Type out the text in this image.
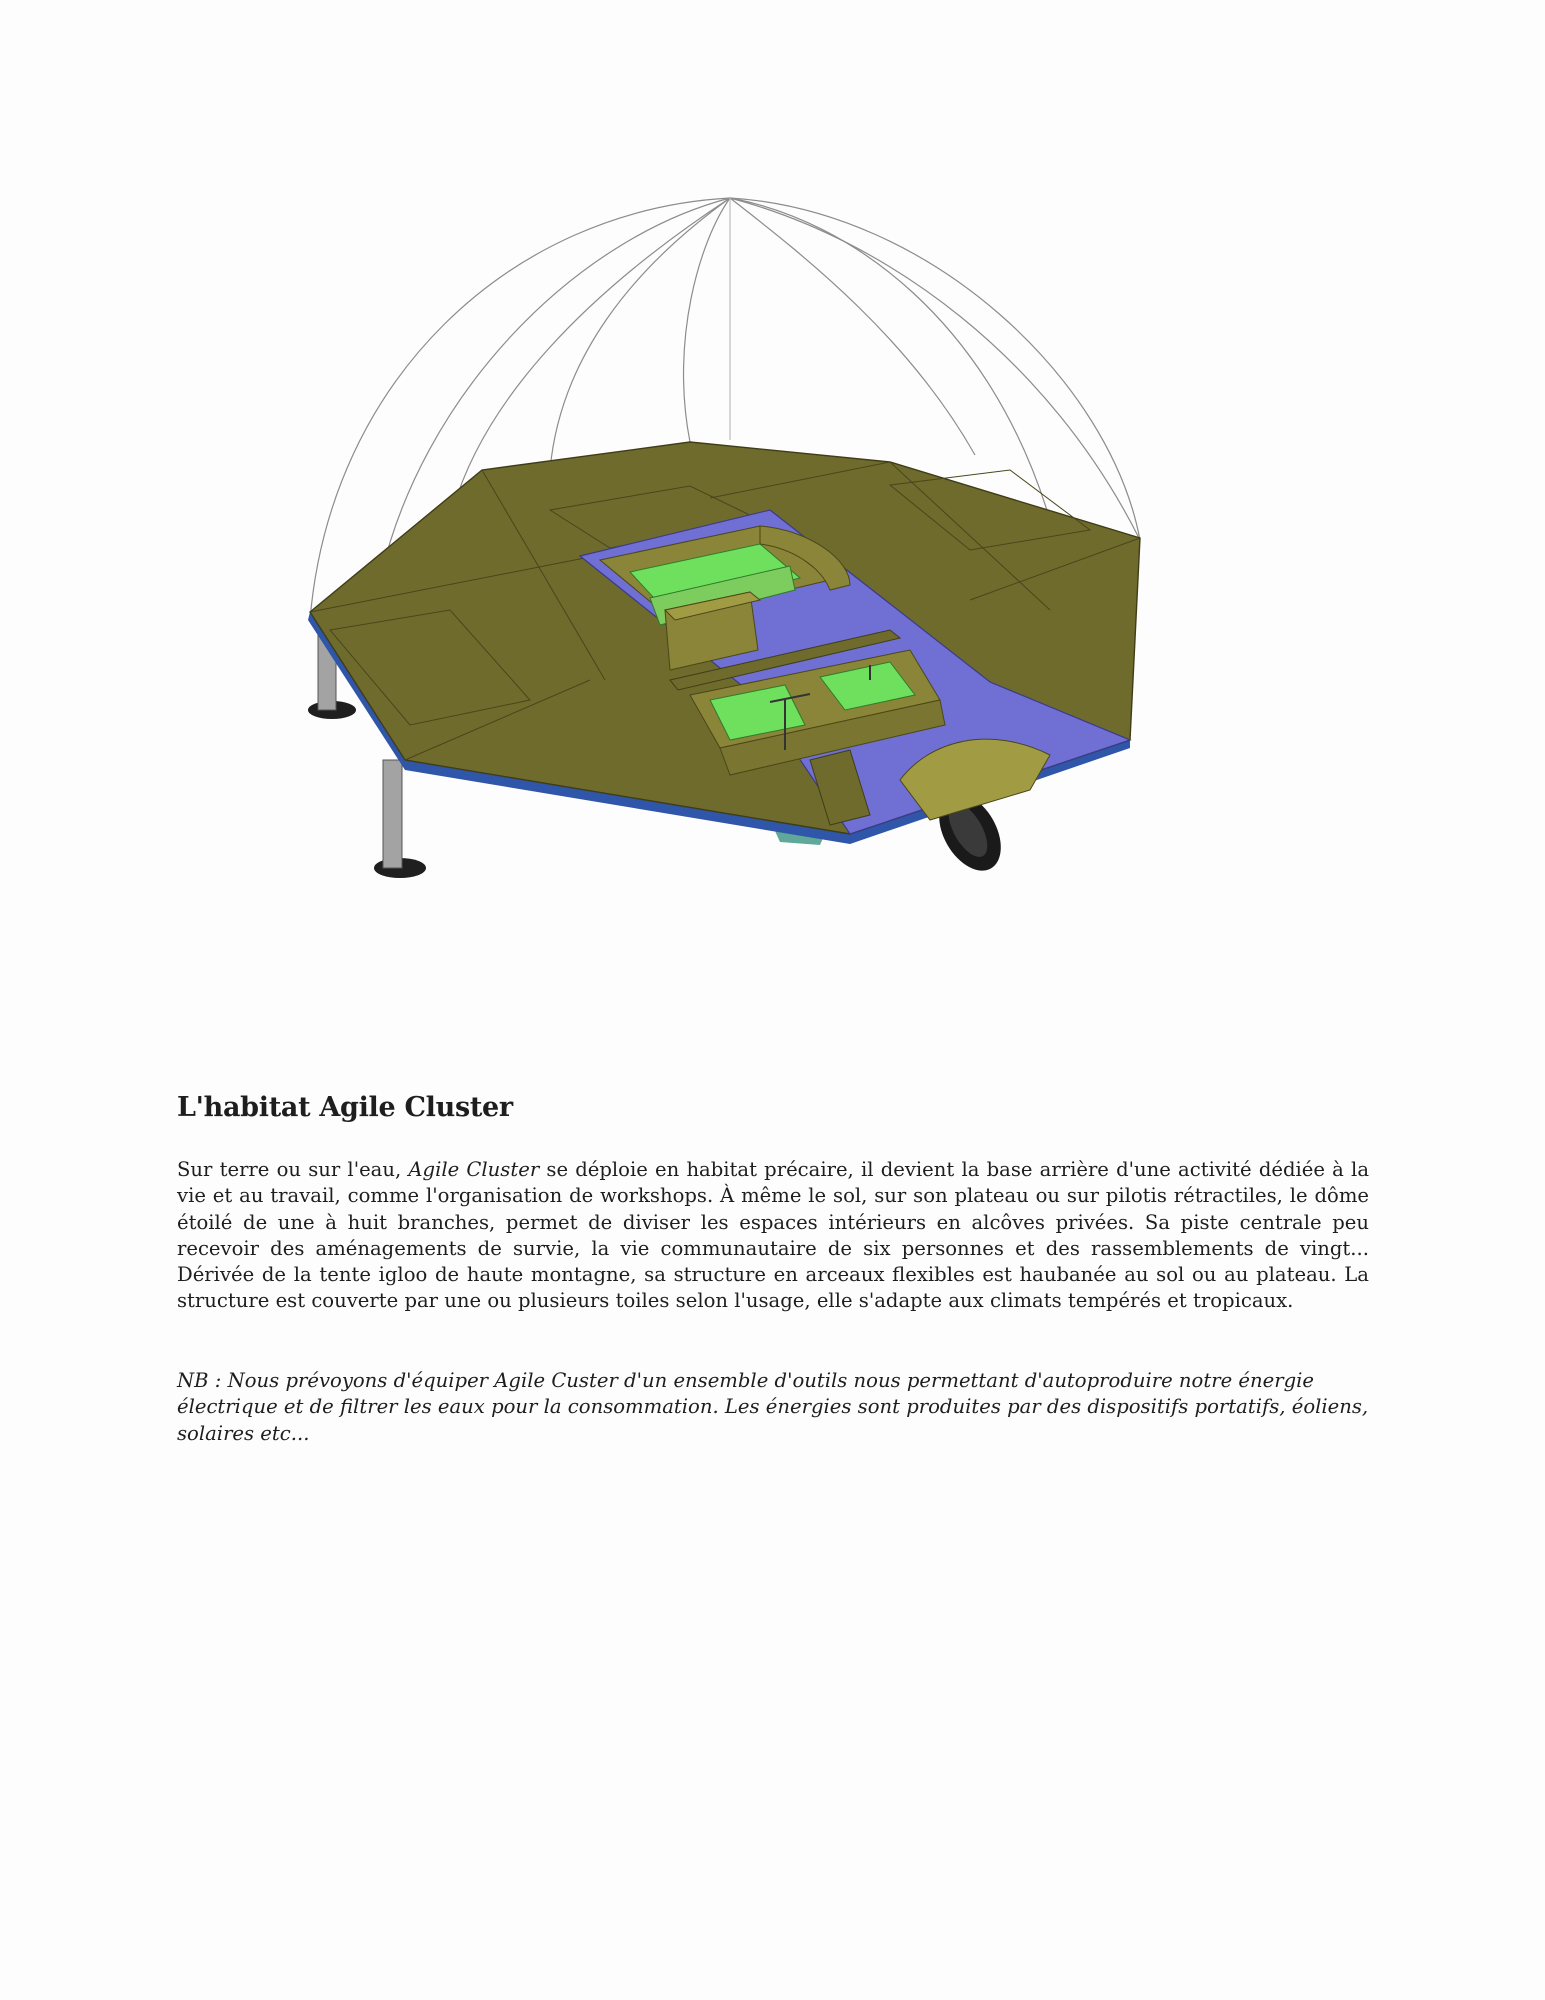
L'habitat Agile Cluster

Sur terre ou sur l'eau, Agile Cluster se déploie en habitat précaire, il devient la base arrière d'une activité dédiée à la vie et au travail, comme l'organisation de workshops. À même le sol, sur son plateau ou sur pilotis rétractiles, le dôme étoilé de une à huit branches, permet de diviser les espaces intérieurs en alcôves privées. Sa piste centrale peu recevoir des aménagements de survie, la vie communautaire de six personnes et des rassemblements de vingt... Dérivée de la tente igloo de haute montagne, sa structure en arceaux flexibles est haubanée au sol ou au plateau. La structure est couverte par une ou plusieurs toiles selon l'usage, elle s'adapte aux climats tempérés et tropicaux.

NB : Nous prévoyons d'équiper Agile Custer d'un ensemble d'outils nous permettant d'autoproduire notre énergie électrique et de filtrer les eaux pour la consommation. Les énergies sont produites par des dispositifs portatifs, éoliens, solaires etc...
